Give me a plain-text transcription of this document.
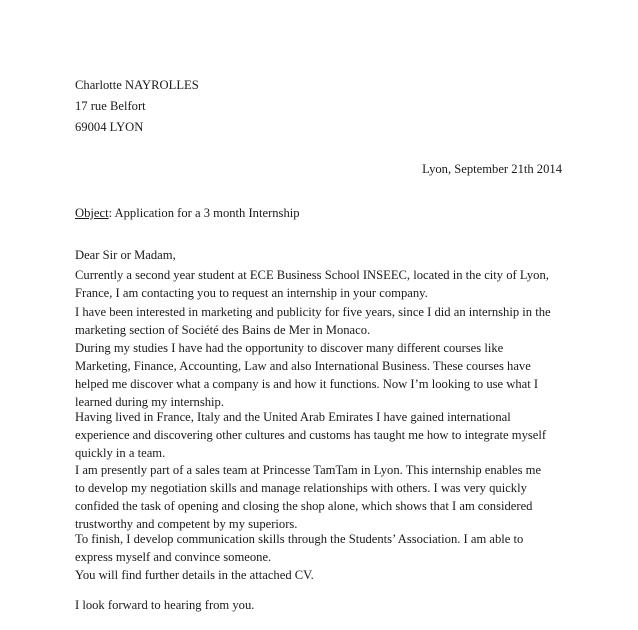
Charlotte NAYROLLES
17 rue Belfort
69004 LYON
Lyon, September 21th 2014
Object: Application for a 3 month Internship
Dear Sir or Madam,
Currently a second year student at ECE Business School INSEEC, located in the city of Lyon,
France, I am contacting you to request an internship in your company.
I have been interested in marketing and publicity for five years, since I did an internship in the
marketing section of Société des Bains de Mer in Monaco.
During my studies I have had the opportunity to discover many different courses like
Marketing, Finance, Accounting, Law and also International Business. These courses have
helped me discover what a company is and how it functions. Now I’m looking to use what I
learned during my internship.
Having lived in France, Italy and the United Arab Emirates I have gained international
experience and discovering other cultures and customs has taught me how to integrate myself
quickly in a team.
I am presently part of a sales team at Princesse TamTam in Lyon. This internship enables me
to develop my negotiation skills and manage relationships with others. I was very quickly
confided the task of opening and closing the shop alone, which shows that I am considered
trustworthy and competent by my superiors.
To finish, I develop communication skills through the Students’ Association. I am able to
express myself and convince someone.
You will find further details in the attached CV.
I look forward to hearing from you.
